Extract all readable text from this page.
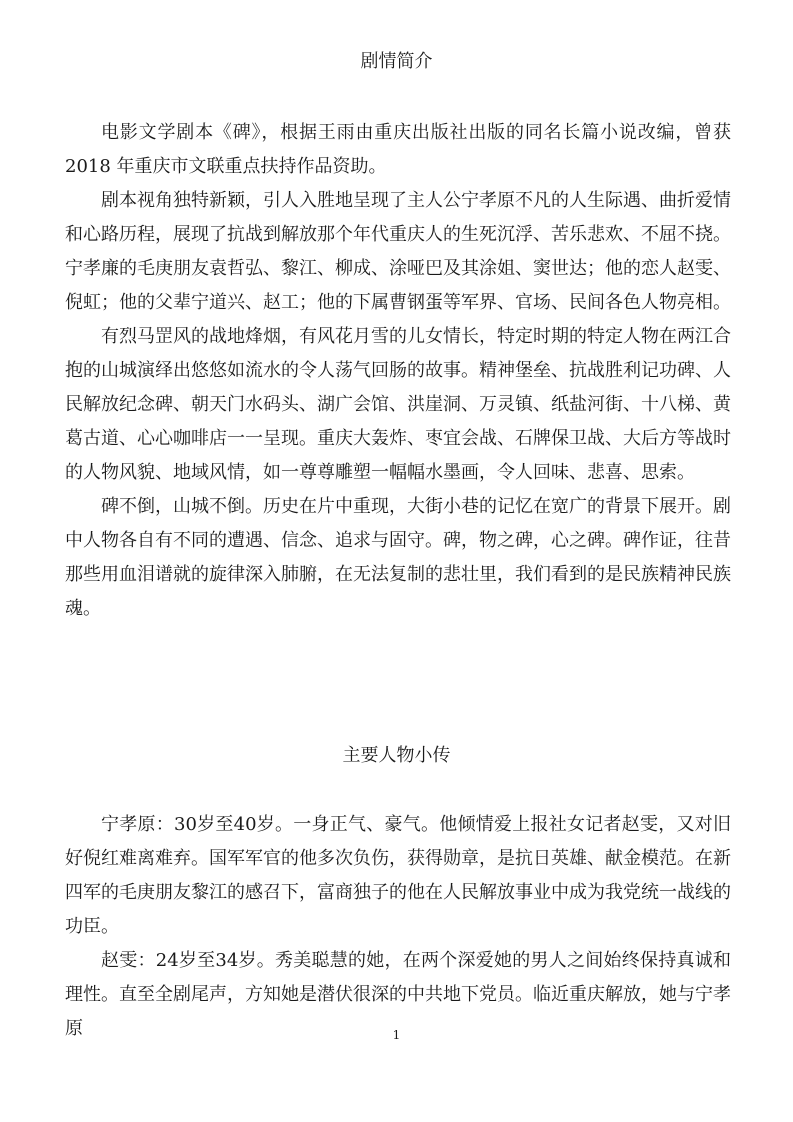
剧情简介

电影文学剧本《碑》，根据王雨由重庆出版社出版的同名长篇小说改编，曾获 2018 年重庆市文联重点扶持作品资助。

剧本视角独特新颖，引人入胜地呈现了主人公宁孝原不凡的人生际遇、曲折爱情和心路历程，展现了抗战到解放那个年代重庆人的生死沉浮、苦乐悲欢、不屈不挠。宁孝廉的毛庚朋友袁哲弘、黎江、柳成、涂哑巴及其涂姐、窦世达；他的恋人赵雯、倪虹；他的父辈宁道兴、赵工；他的下属曹钢蛋等军界、官场、民间各色人物亮相。

有烈马罡风的战地烽烟，有风花月雪的儿女情长，特定时期的特定人物在两江合抱的山城演绎出悠悠如流水的令人荡气回肠的故事。精神堡垒、抗战胜利记功碑、人民解放纪念碑、朝天门水码头、湖广会馆、洪崖洞、万灵镇、纸盐河街、十八梯、黄葛古道、心心咖啡店一一呈现。重庆大轰炸、枣宜会战、石牌保卫战、大后方等战时的人物风貌、地域风情，如一尊尊雕塑一幅幅水墨画，令人回味、悲喜、思索。

碑不倒，山城不倒。历史在片中重现，大街小巷的记忆在宽广的背景下展开。剧中人物各自有不同的遭遇、信念、追求与固守。碑，物之碑，心之碑。碑作证，往昔那些用血泪谱就的旋律深入肺腑，在无法复制的悲壮里，我们看到的是民族精神民族魂。

主要人物小传

宁孝原：30岁至40岁。一身正气、豪气。他倾情爱上报社女记者赵雯，又对旧好倪红难离难弃。国军军官的他多次负伤，获得勋章，是抗日英雄、献金模范。在新四军的毛庚朋友黎江的感召下，富商独子的他在人民解放事业中成为我党统一战线的功臣。

赵雯：24岁至34岁。秀美聪慧的她，在两个深爱她的男人之间始终保持真诚和理性。直至全剧尾声，方知她是潜伏很深的中共地下党员。临近重庆解放，她与宁孝原	1
